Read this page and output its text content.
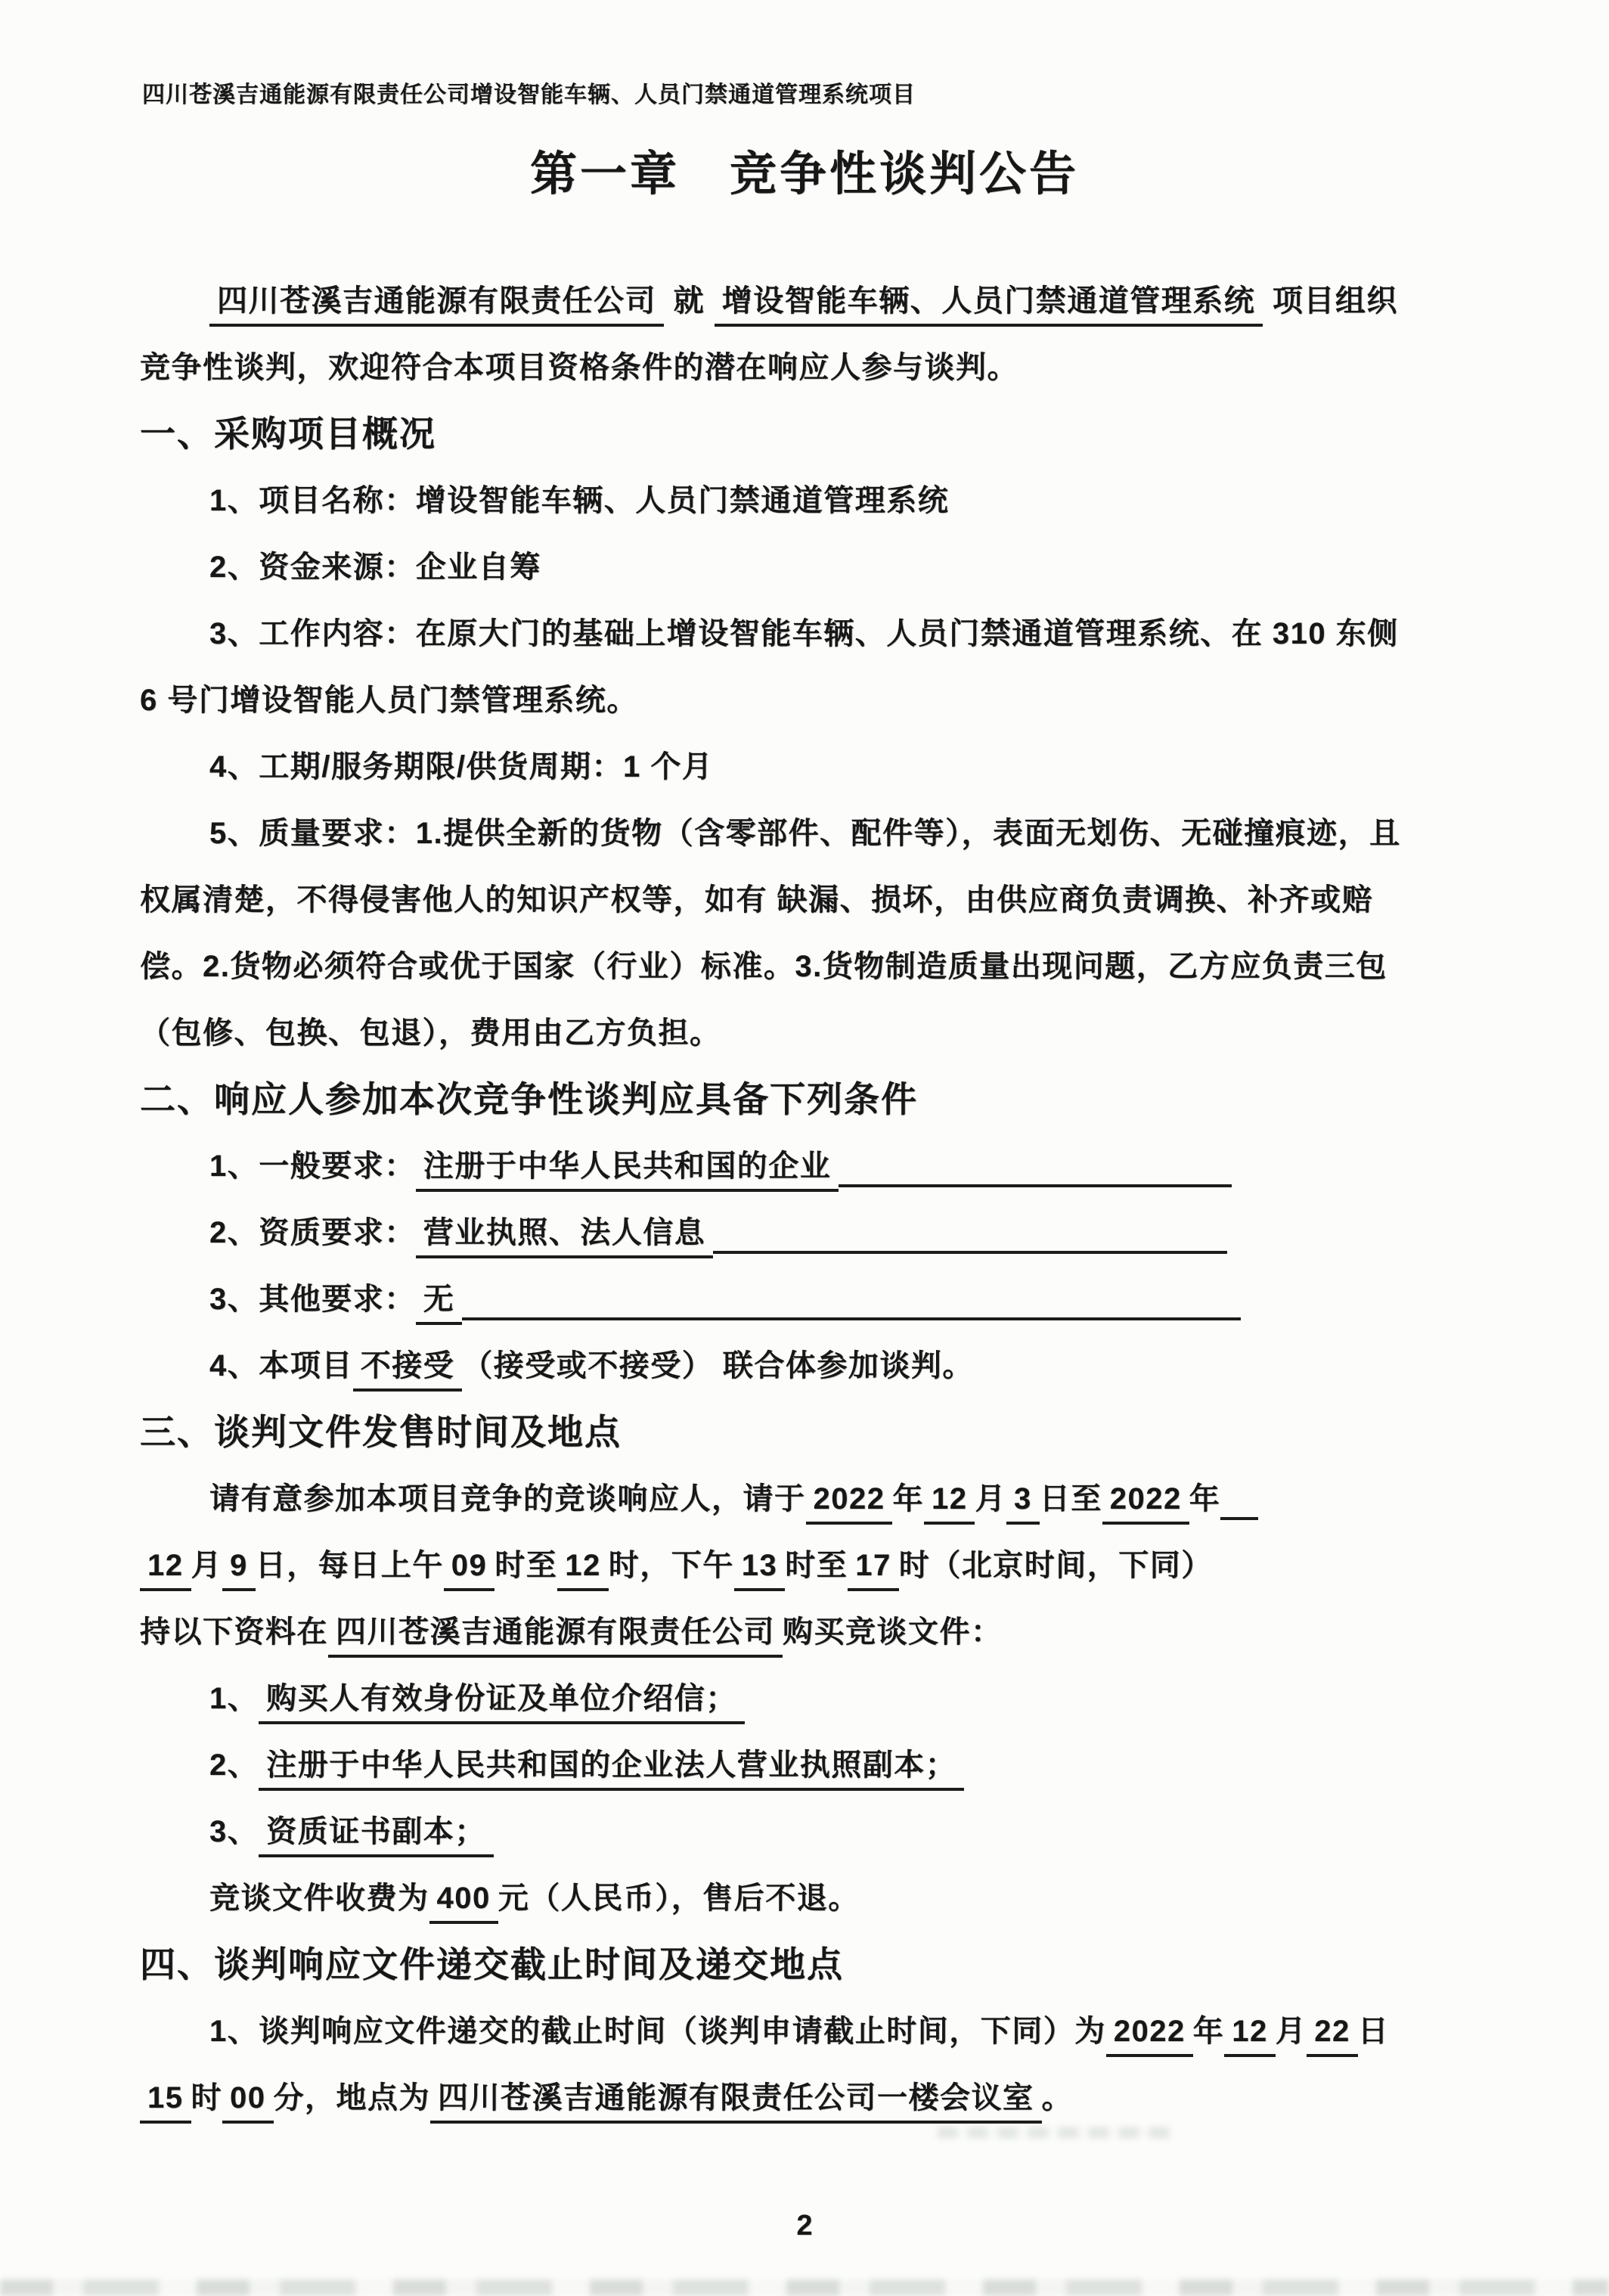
四川苍溪吉通能源有限责任公司增设智能车辆、人员门禁通道管理系统项目
第一章　竞争性谈判公告
四川苍溪吉通能源有限责任公司 就 增设智能车辆、人员门禁通道管理系统 项目组织
竞争性谈判，欢迎符合本项目资格条件的潜在响应人参与谈判。
一、采购项目概况
1、项目名称：增设智能车辆、人员门禁通道管理系统
2、资金来源：企业自筹
3、工作内容：在原大门的基础上增设智能车辆、人员门禁通道管理系统、在 310 东侧
6 号门增设智能人员门禁管理系统。
4、工期/服务期限/供货周期：1 个月
5、质量要求：1.提供全新的货物（含零部件、配件等），表面无划伤、无碰撞痕迹，且
权属清楚，不得侵害他人的知识产权等，如有 缺漏、损坏，由供应商负责调换、补齐或赔
偿。2.货物必须符合或优于国家（行业）标准。3.货物制造质量出现问题，乙方应负责三包
（包修、包换、包退），费用由乙方负担。
二、响应人参加本次竞争性谈判应具备下列条件
1、一般要求： 注册于中华人民共和国的企业
2、资质要求： 营业执照、法人信息
3、其他要求： 无
4、本项目 不接受 （接受或不接受） 联合体参加谈判。
三、谈判文件发售时间及地点
请有意参加本项目竞争的竞谈响应人，请于 2022 年 12 月 3 日至 2022 年
12 月 9 日，每日上午 09 时至 12 时，下午 13 时至 17 时（北京时间，下同）
持以下资料在 四川苍溪吉通能源有限责任公司 购买竞谈文件：
1、 购买人有效身份证及单位介绍信；
2、 注册于中华人民共和国的企业法人营业执照副本；
3、 资质证书副本；
竞谈文件收费为 400 元（人民币），售后不退。
四、谈判响应文件递交截止时间及递交地点
1、谈判响应文件递交的截止时间（谈判申请截止时间，下同）为 2022 年 12 月 22 日
15 时 00 分，地点为 四川苍溪吉通能源有限责任公司一楼会议室 。
2
